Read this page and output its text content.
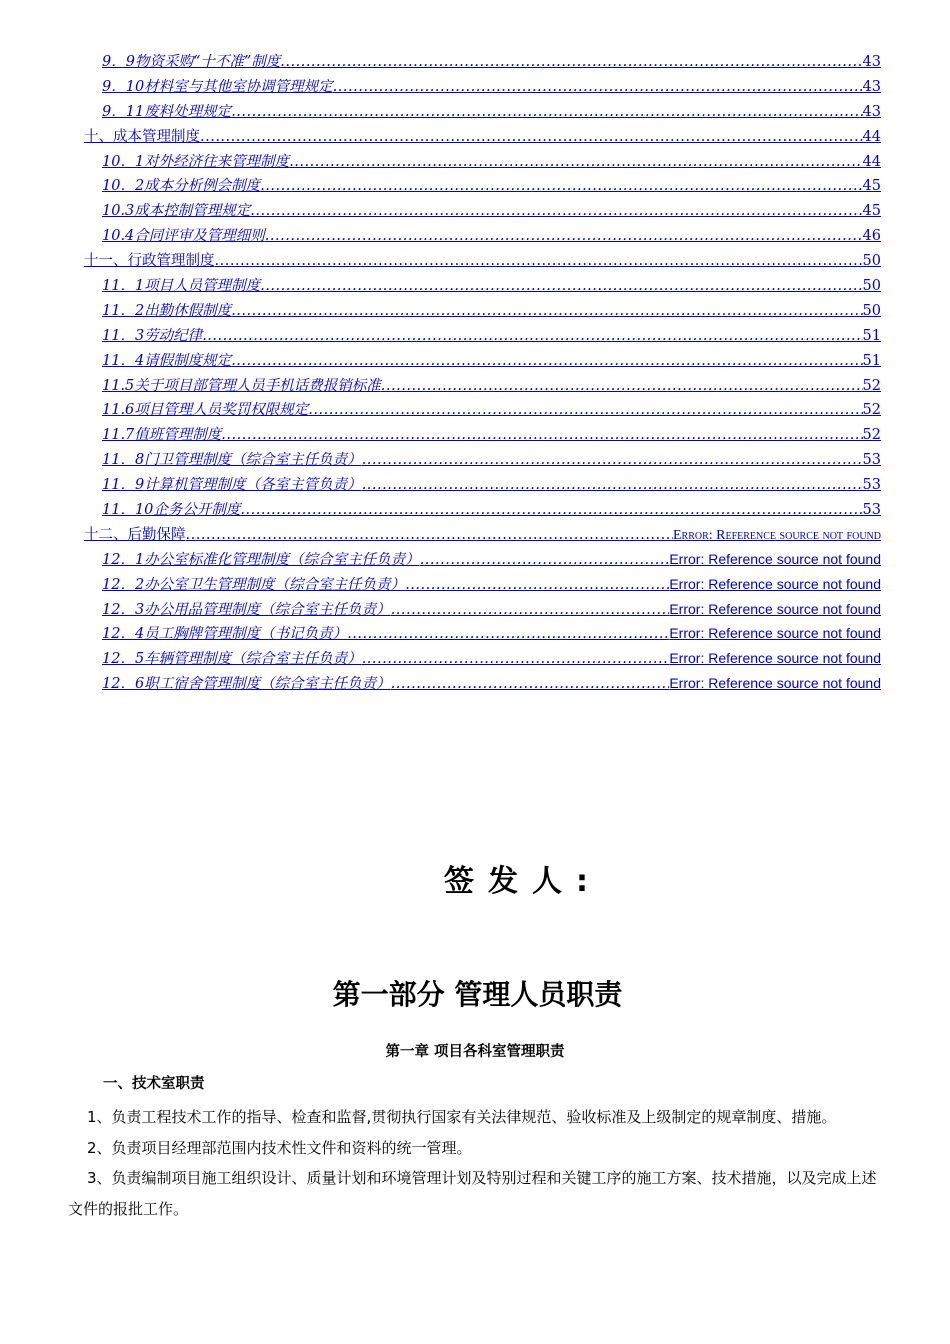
9．9物资采购“十不准”制度 .....	43
9．10材料室与其他室协调管理规定 .....	43
9．11废料处理规定 .....	43
十、成本管理制度 .....	44
10．1对外经济往来管理制度 .....	44
10．2成本分析例会制度 .....	45
10.3成本控制管理规定 .....	45
10.4合同评审及管理细则 .....	46
十一、行政管理制度 .....	50
11．1项目人员管理制度 .....	50
11．2出勤休假制度 .....	50
11．3劳动纪律 .....	51
11．4请假制度规定 .....	51
11.5关于项目部管理人员手机话费报销标准 .....	52
11.6项目管理人员奖罚权限规定 .....	52
11.7值班管理制度 .....	52
11．8门卫管理制度（综合室主任负责） .....	53
11．9计算机管理制度（各室主管负责） .....	53
11．10企务公开制度 .....	53
十二、后勤保障 .....	Error: Reference source not found
12．1办公室标准化管理制度（综合室主任负责） .....	Error: Reference source not found
12．2办公室卫生管理制度（综合室主任负责） .....	Error: Reference source not found
12．3办公用品管理制度（综合室主任负责） .....	Error: Reference source not found
12．4员工胸牌管理制度（书记负责） .....	Error: Reference source not found
12．5车辆管理制度（综合室主任负责） .....	Error: Reference source not found
12．6职工宿舍管理制度（综合室主任负责） .....	Error: Reference source not found
签发人:
第一部分 管理人员职责
第一章 项目各科室管理职责
一、技术室职责

1、负责工程技术工作的指导、检查和监督,贯彻执行国家有关法律规范、验收标准及上级制定的规章制度、措施。

2、负责项目经理部范围内技术性文件和资料的统一管理。

3、负责编制项目施工组织设计、质量计划和环境管理计划及特别过程和关键工序的施工方案、技术措施，以及完成上述文件的报批工作。
